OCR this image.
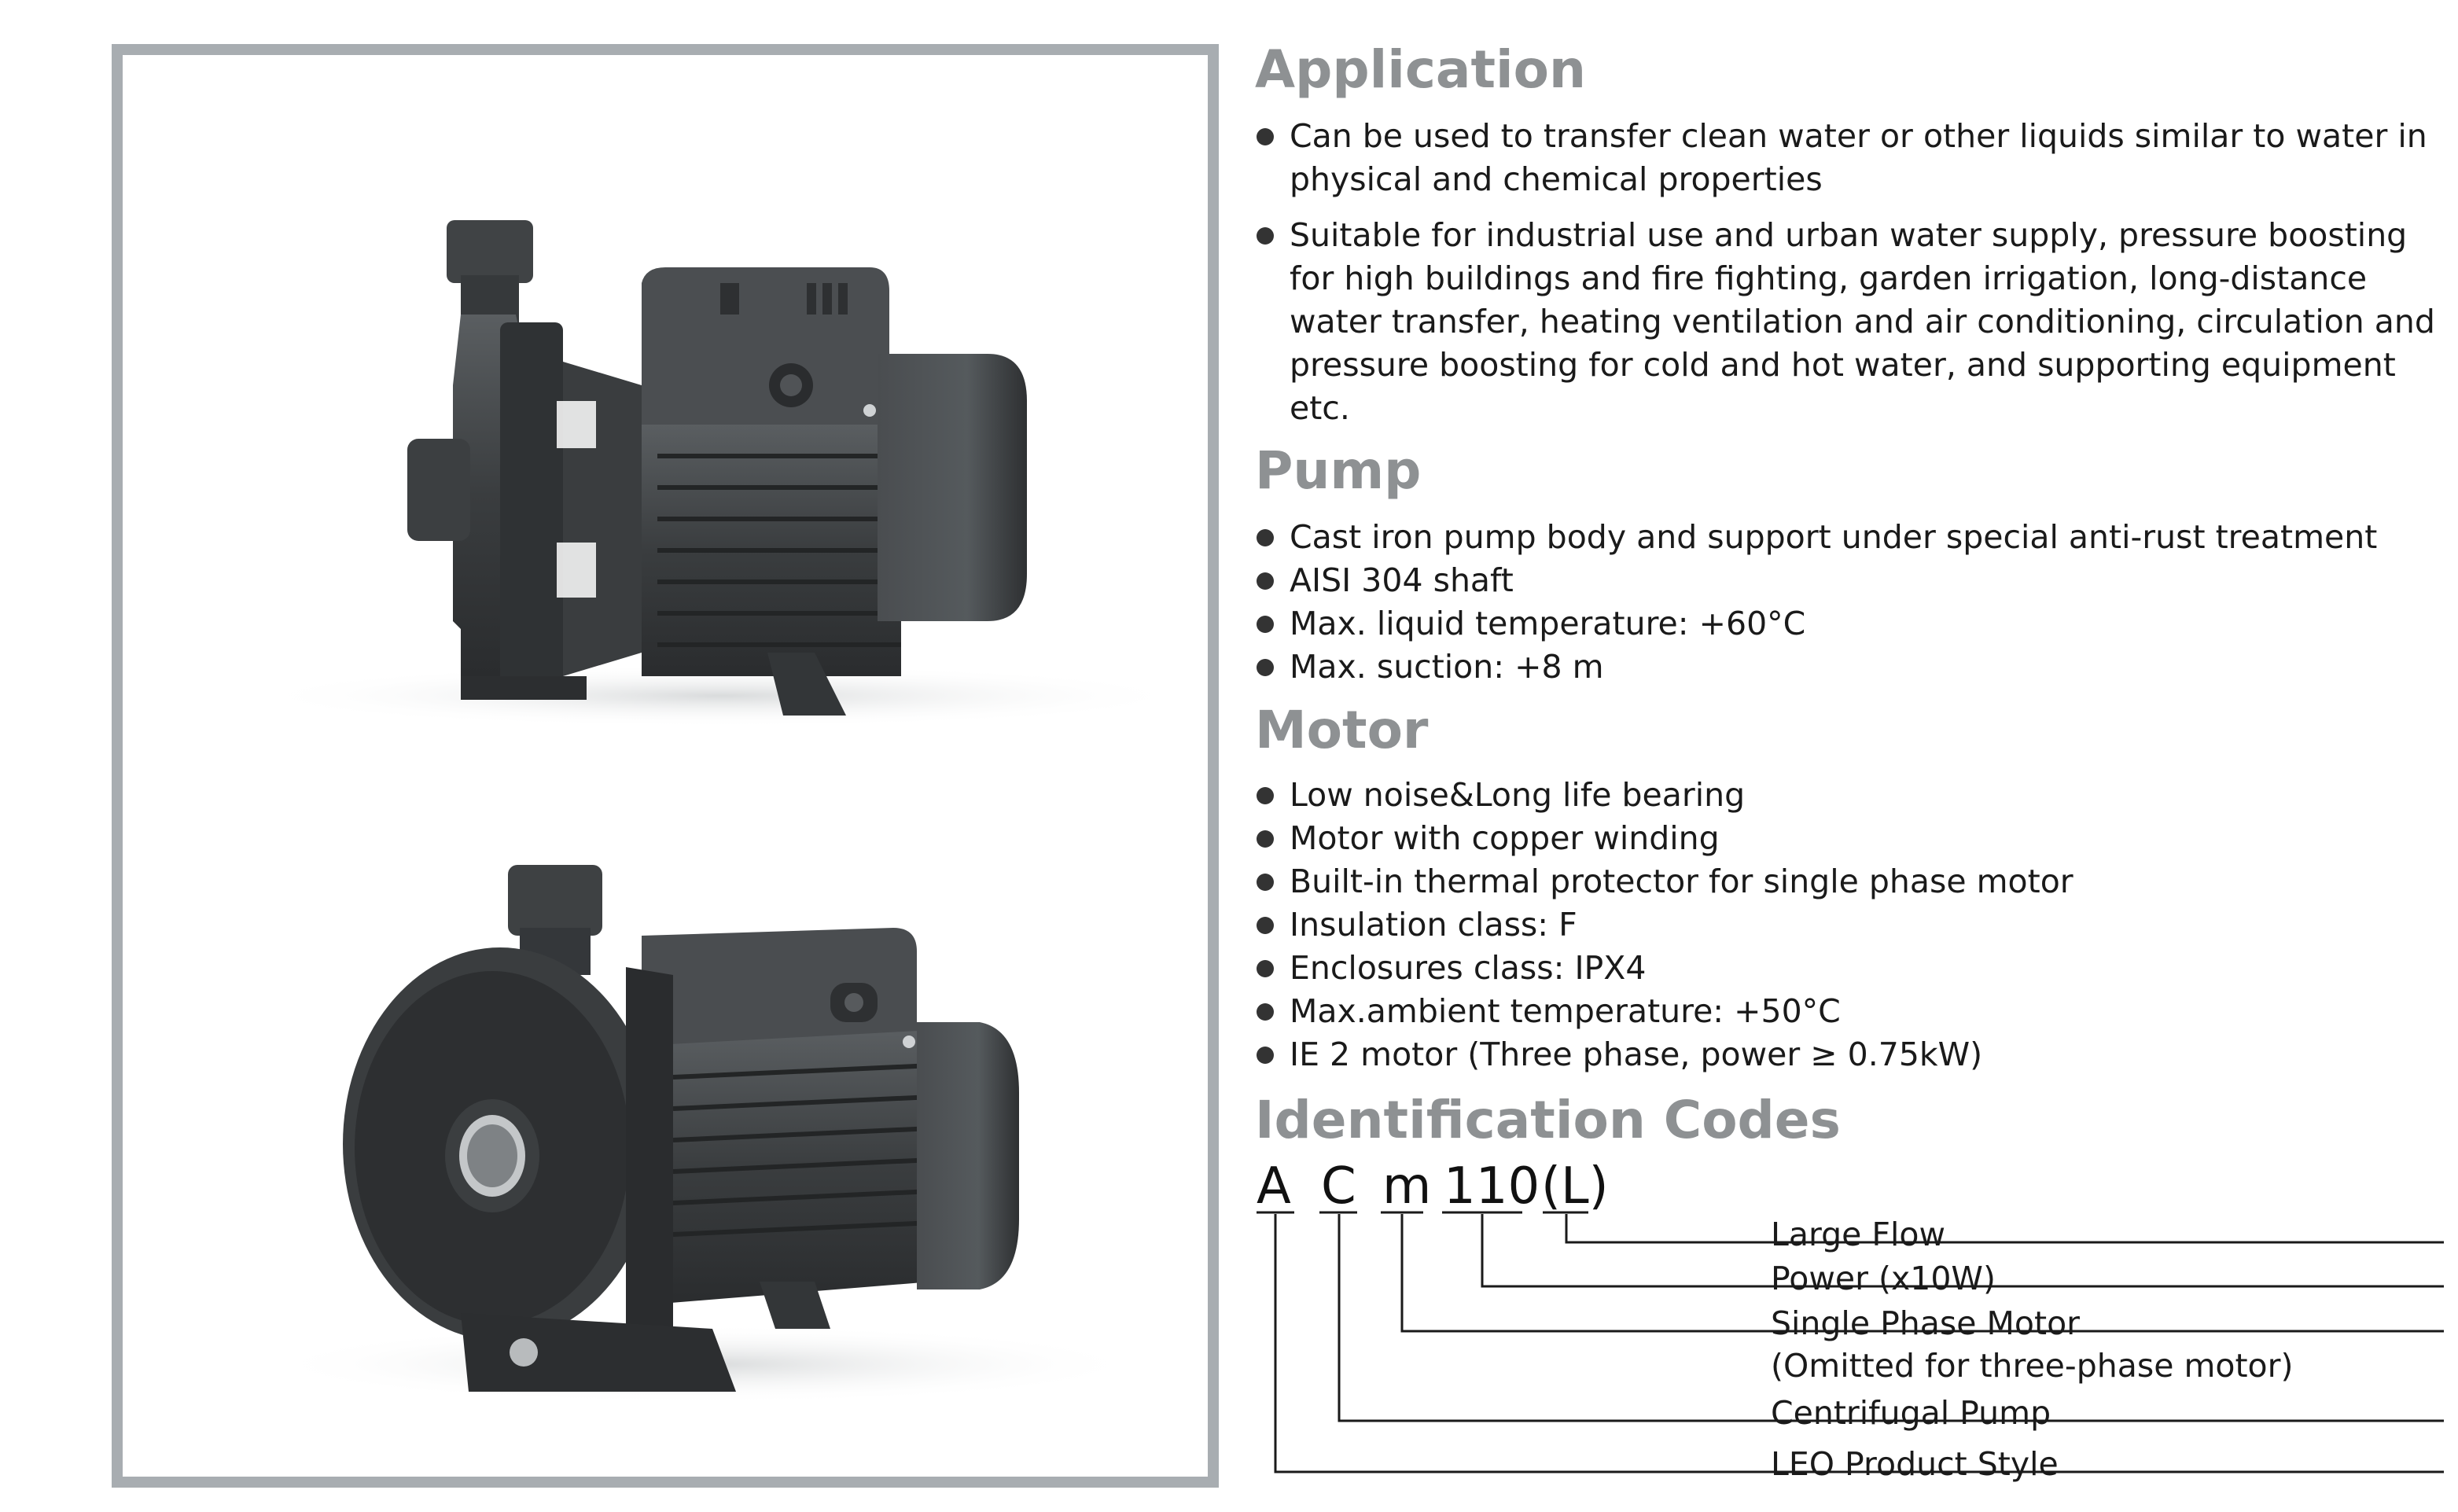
Application
Can be used to transfer clean water or other liquids similar to water in physical and chemical properties
Suitable for industrial use and urban water supply, pressure boosting for high buildings and fire fighting, garden irrigation, long-distance water transfer, heating ventilation and air conditioning, circulation and pressure boosting for cold and hot water, and supporting equipment etc.
Pump
Cast iron pump body and support under special anti-rust treatment
AISI 304 shaft
Max. liquid temperature: +60°C
Max. suction: +8 m
Motor
Low noise&Long life bearing
Motor with copper winding
Built-in thermal protector for single phase motor
Insulation class: F
Enclosures class: IPX4
Max.ambient temperature: +50°C
IE 2 motor (Three phase, power ≥ 0.75kW)
Identification Codes
A C m 110 (L)
Large Flow
Power (x10W)
Single Phase Motor
(Omitted for three-phase motor)
Centrifugal Pump
LEO Product Style
